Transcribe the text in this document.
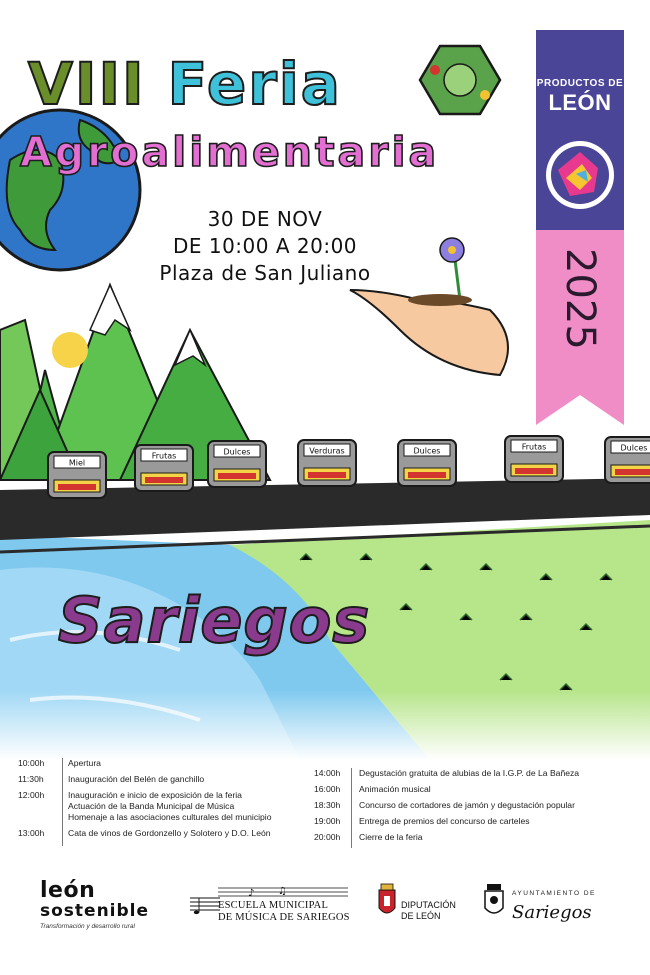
Miel
Frutas	Dulces	Verduras	Dulces	Frutas	Dulces
VIII Feria
Agroalimentaria
30 DE NOV
DE 10:00 A 20:00
Plaza de San Juliano
PRODUCTOS DE
LEÓN
Sariegos
10:00h	Apertura
11:30h	Inauguración del Belén de ganchillo
12:00h	Inauguración e inicio de exposición de la feria
Actuación de la Banda Municipal de Música
Homenaje a las asociaciones culturales del municipio
13:00h	Cata de vinos de Gordonzello y Solotero y D.O. León
14:00h	Degustación gratuita de alubias de la I.G.P. de La Bañeza
16:00h	Animación musical
18:30h	Concurso de cortadores de jamón y degustación popular
19:00h	Entrega de premios del concurso de carteles
20:00h	Cierre de la feria
león
sostenible
Transformación y desarrollo rural
♩
♪ ♫
ESCUELA MUNICIPAL
DE MÚSICA DE SARIEGOS
DIPUTACIÓN
DE LEÓN
AYUNTAMIENTO DE
Sariegos
